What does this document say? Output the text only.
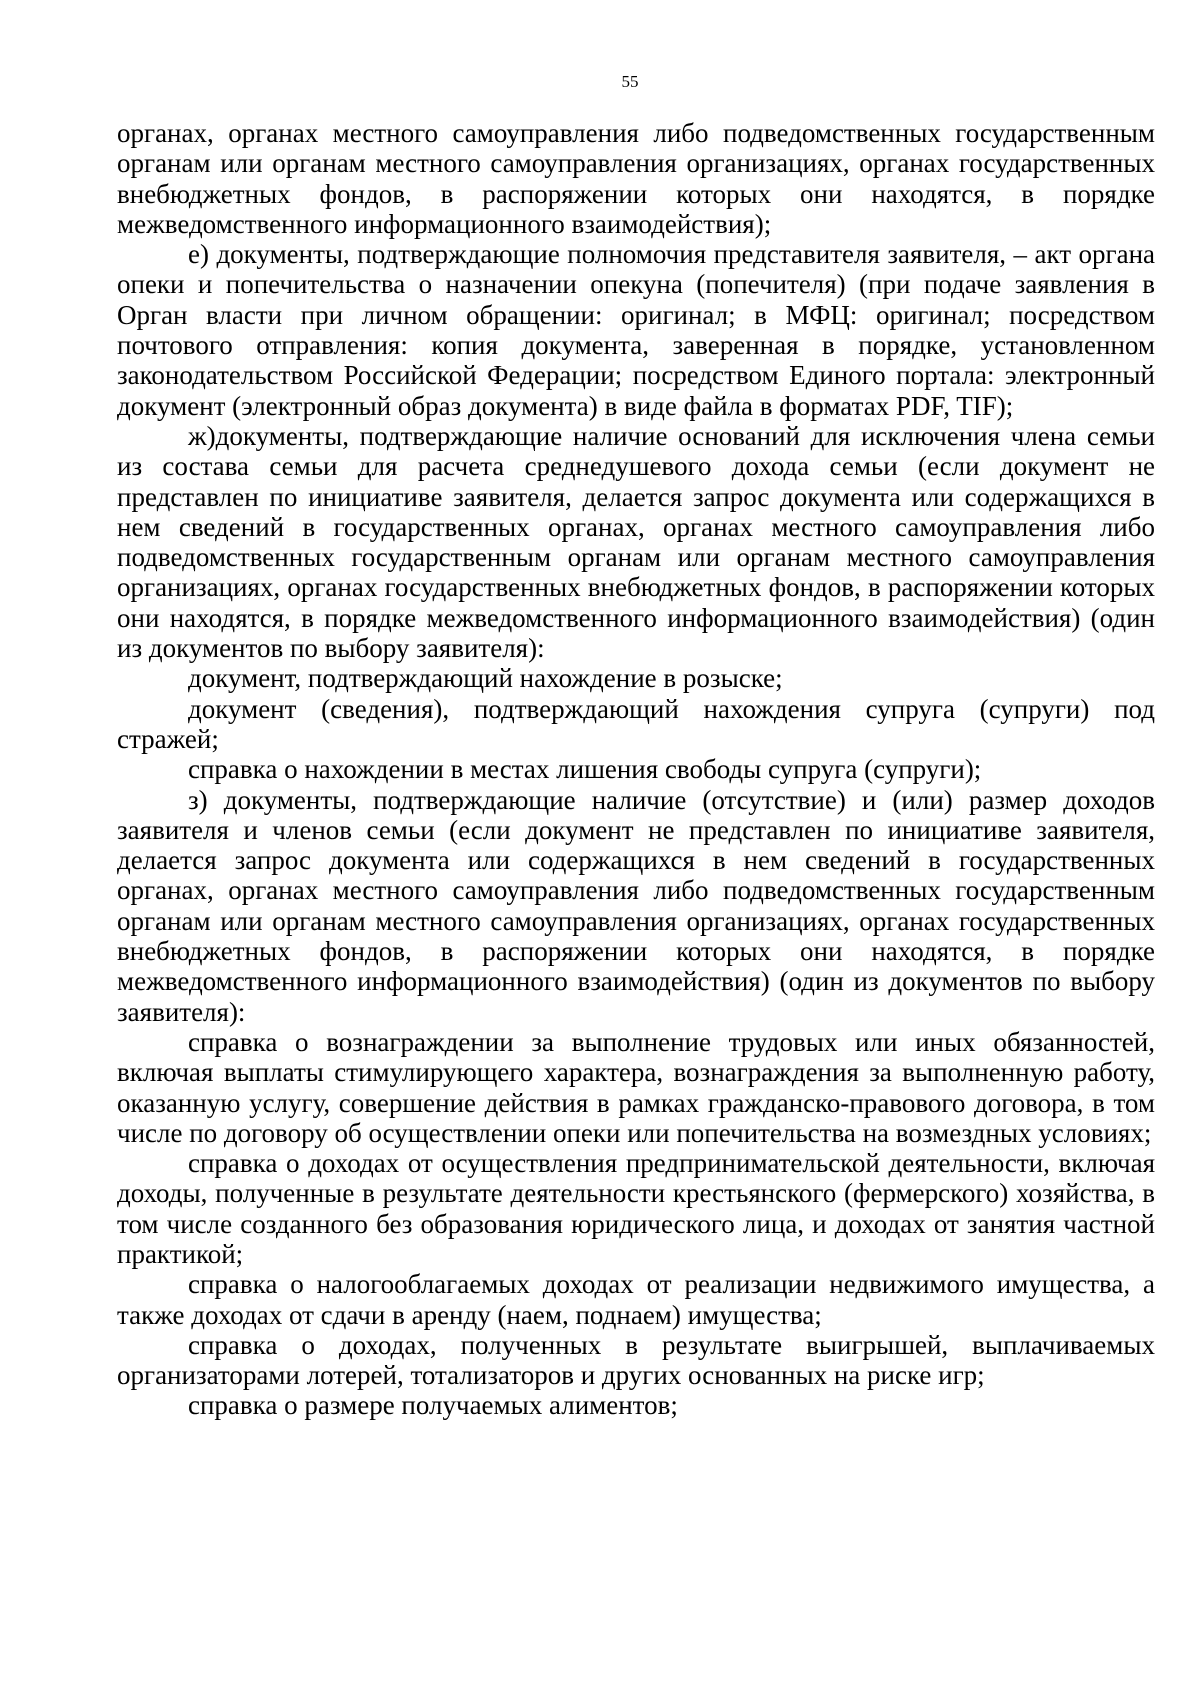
55

органах, органах местного самоуправления либо подведомственных государственным органам или органам местного самоуправления организациях, органах государственных внебюджетных фондов, в распоряжении которых они находятся, в порядке межведомственного информационного взаимодействия);

е) документы, подтверждающие полномочия представителя заявителя, – акт органа опеки и попечительства о назначении опекуна (попечителя) (при подаче заявления в Орган власти при личном обращении: оригинал; в МФЦ: оригинал; посредством почтового отправления: копия документа, заверенная в порядке, установленном законодательством Российской Федерации; посредством Единого портала: электронный документ (электронный образ документа) в виде файла в форматах PDF, TIF);

ж)документы, подтверждающие наличие оснований для исключения члена семьи из состава семьи для расчета среднедушевого дохода семьи (если документ не представлен по инициативе заявителя, делается запрос документа или содержащихся в нем сведений в государственных органах, органах местного самоуправления либо подведомственных государственным органам или органам местного самоуправления организациях, органах государственных внебюджетных фондов, в распоряжении которых они находятся, в порядке межведомственного информационного взаимодействия) (один из документов по выбору заявителя):

документ, подтверждающий нахождение в розыске;

документ (сведения), подтверждающий нахождения супруга (супруги) под стражей;

справка о нахождении в местах лишения свободы супруга (супруги);

з) документы, подтверждающие наличие (отсутствие) и (или) размер доходов заявителя и членов семьи (если документ не представлен по инициативе заявителя, делается запрос документа или содержащихся в нем сведений в государственных органах, органах местного самоуправления либо подведомственных государственным органам или органам местного самоуправления организациях, органах государственных внебюджетных фондов, в распоряжении которых они находятся, в порядке межведомственного информационного взаимодействия) (один из документов по выбору заявителя):

справка о вознаграждении за выполнение трудовых или иных обязанностей, включая выплаты стимулирующего характера, вознаграждения за выполненную работу, оказанную услугу, совершение действия в рамках гражданско-правового договора, в том числе по договору об осуществлении опеки или попечительства на возмездных условиях;

справка о доходах от осуществления предпринимательской деятельности, включая доходы, полученные в результате деятельности крестьянского (фермерского) хозяйства, в том числе созданного без образования юридического лица, и доходах от занятия частной практикой;

справка о налогооблагаемых доходах от реализации недвижимого имущества, а также доходах от сдачи в аренду (наем, поднаем) имущества;

справка о доходах, полученных в результате выигрышей, выплачиваемых организаторами лотерей, тотализаторов и других основанных на риске игр;

справка о размере получаемых алиментов;
